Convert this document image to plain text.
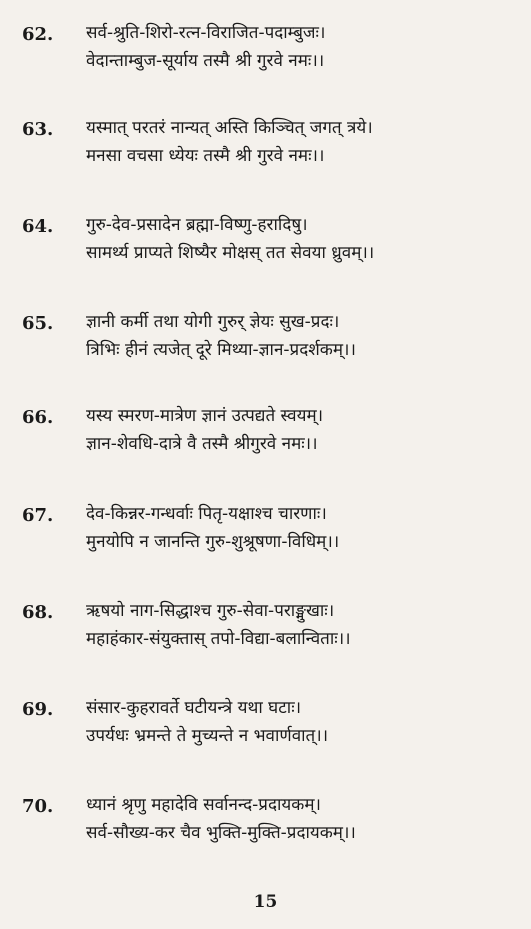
62. सर्व-श्रुति-शिरो-रत्न-विराजित-पदाम्बुजः।
वेदान्ताम्बुज-सूर्याय तस्मै श्री गुरवे नमः।।
63. यस्मात् परतरं नान्यत् अस्ति किञ्चित् जगत् त्रये।
मनसा वचसा ध्येयः तस्मै श्री गुरवे नमः।।
64. गुरु-देव-प्रसादेन ब्रह्मा-विष्णु-हरादिषु।
सामर्थ्य प्राप्यते शिष्यैर मोक्षस् तत सेवया ध्रुवम्।।
65. ज्ञानी कर्मी तथा योगी गुरुर् ज्ञेयः सुख-प्रदः।
त्रिभिः हीनं त्यजेत् दूरे मिथ्या-ज्ञान-प्रदर्शकम्।।
66. यस्य स्मरण-मात्रेण ज्ञानं उत्पद्यते स्वयम्।
ज्ञान-शेवधि-दात्रे वै तस्मै श्रीगुरवे नमः।।
67. देव-किन्नर-गन्धर्वाः पितृ-यक्षाश्च चारणाः।
मुनयोपि न जानन्ति गुरु-शुश्रूषणा-विधिम्।।
68. ऋषयो नाग-सिद्धाश्च गुरु-सेवा-पराङ्मुखाः।
महाहंकार-संयुक्तास् तपो-विद्या-बलान्विताः।।
69. संसार-कुहरावर्ते घटीयन्त्रे यथा घटाः।
उपर्यधः भ्रमन्ते ते मुच्यन्ते न भवार्णवात्।।
70. ध्यानं श्रृणु महादेवि सर्वानन्द-प्रदायकम्।
सर्व-सौख्य-कर चैव भुक्ति-मुक्ति-प्रदायकम्।।
15
